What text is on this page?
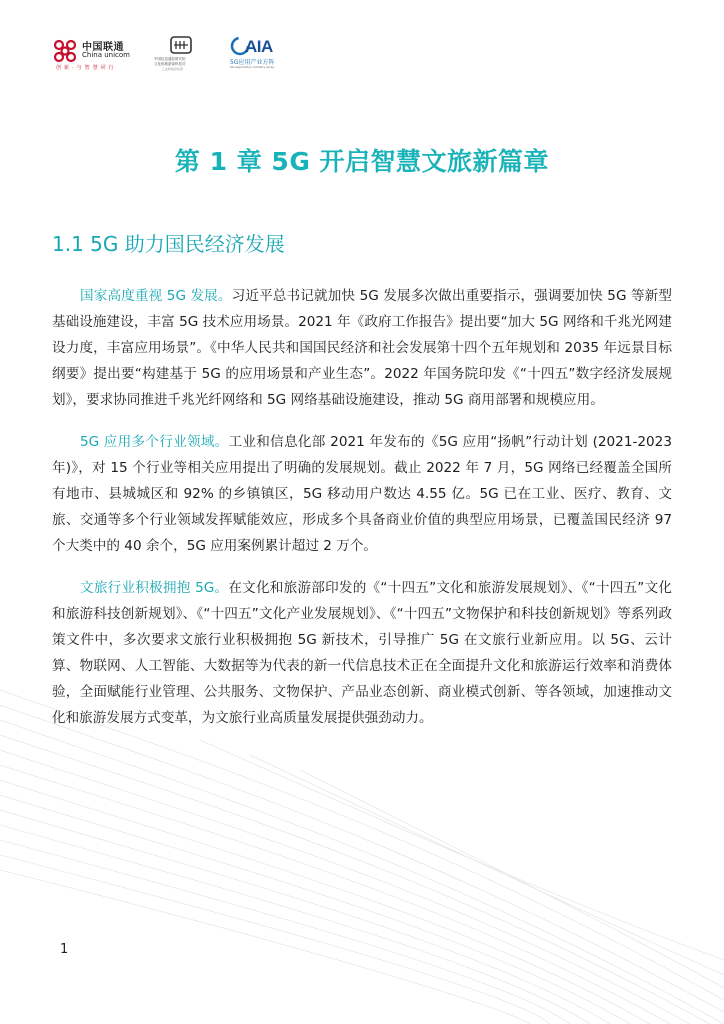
中国联通
China unicom
创新·与智慧同行
中国信息通信研究院
文化和旅游部科技司
工业和信息化部
AIA
5G应用产业方阵
5G Application Industry Array
第 1 章 5G 开启智慧文旅新篇章
1.1 5G 助力国民经济发展

国家高度重视 5G 发展。习近平总书记就加快 5G 发展多次做出重要指示，强调要加快 5G 等新型基础设施建设，丰富 5G 技术应用场景。2021 年《政府工作报告》提出要“加大 5G 网络和千兆光网建设力度，丰富应用场景”。《中华人民共和国国民经济和社会发展第十四个五年规划和 2035 年远景目标纲要》提出要“构建基于 5G 的应用场景和产业生态”。2022 年国务院印发《“十四五”数字经济发展规划》，要求协同推进千兆光纤网络和 5G 网络基础设施建设，推动 5G 商用部署和规模应用。

5G 应用多个行业领域。工业和信息化部 2021 年发布的《5G 应用“扬帆”行动计划 (2021-2023 年)》，对 15 个行业等相关应用提出了明确的发展规划。截止 2022 年 7 月，5G 网络已经覆盖全国所有地市、县城城区和 92% 的乡镇镇区，5G 移动用户数达 4.55 亿。5G 已在工业、医疗、教育、文旅、交通等多个行业领域发挥赋能效应，形成多个具备商业价值的典型应用场景，已覆盖国民经济 97 个大类中的 40 余个，5G 应用案例累计超过 2 万个。

文旅行业积极拥抱 5G。在文化和旅游部印发的《“十四五”文化和旅游发展规划》、《“十四五”文化和旅游科技创新规划》、《“十四五”文化产业发展规划》、《“十四五”文物保护和科技创新规划》等系列政策文件中，多次要求文旅行业积极拥抱 5G 新技术，引导推广 5G 在文旅行业新应用。以 5G、云计算、物联网、人工智能、大数据等为代表的新一代信息技术正在全面提升文化和旅游运行效率和消费体验，全面赋能行业管理、公共服务、文物保护、产品业态创新、商业模式创新、等各领域，加速推动文化和旅游发展方式变革，为文旅行业高质量发展提供强劲动力。

1
